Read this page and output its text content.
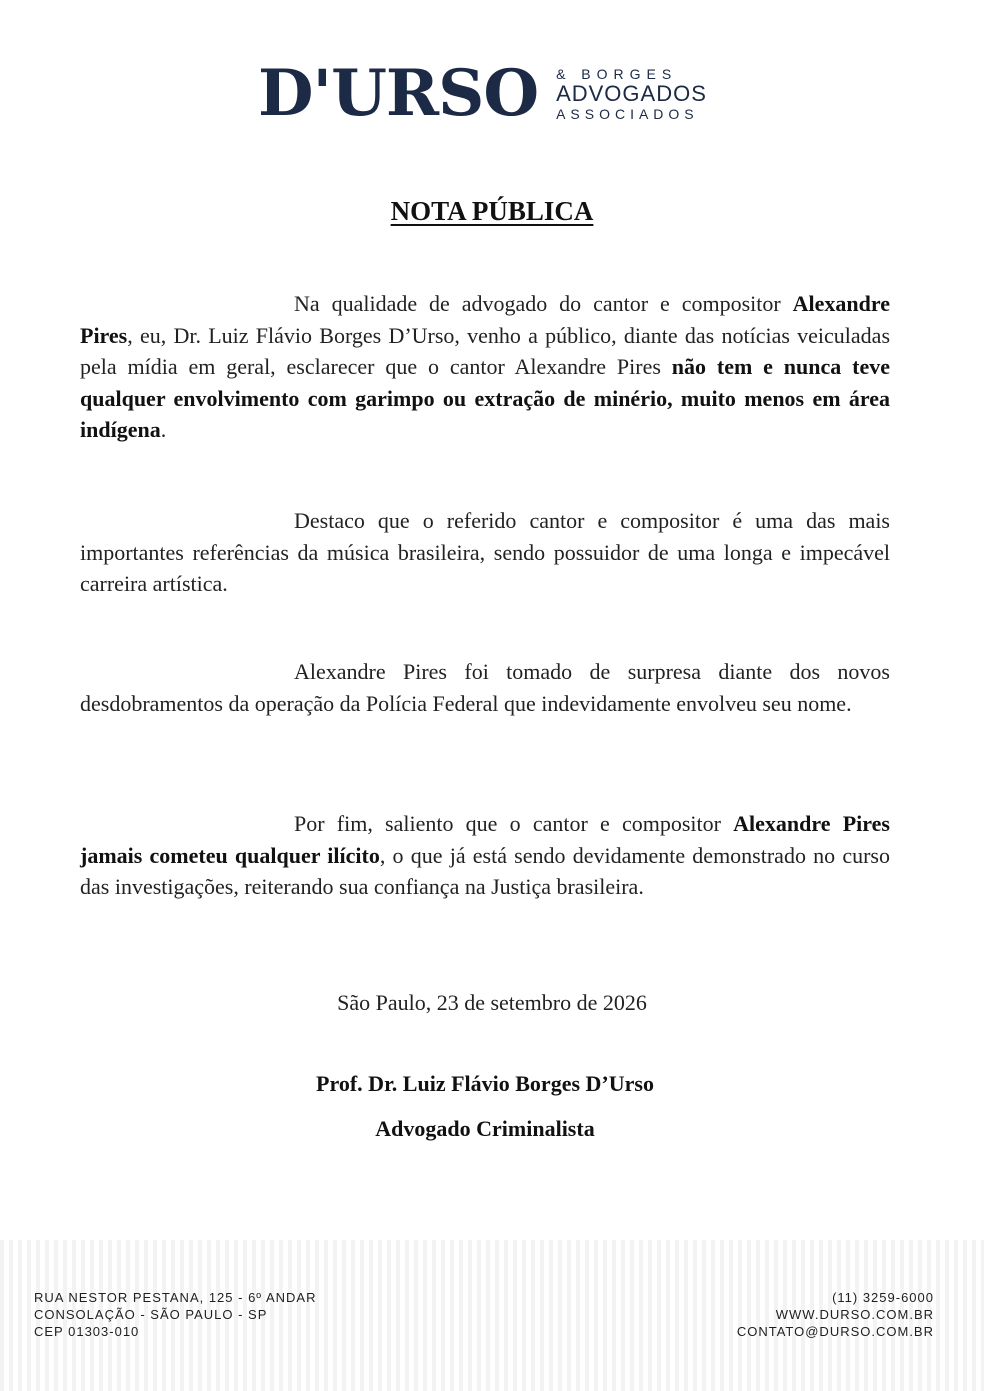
D'URSO & BORGES
ADVOGADOS
ASSOCIADOS
NOTA PÚBLICA
Na qualidade de advogado do cantor e compositor Alexandre Pires, eu, Dr. Luiz Flávio Borges D’Urso, venho a público, diante das notícias veiculadas pela mídia em geral, esclarecer que o cantor Alexandre Pires não tem e nunca teve qualquer envolvimento com garimpo ou extração de minério, muito menos em área indígena.
Destaco que o referido cantor e compositor é uma das mais importantes referências da música brasileira, sendo possuidor de uma longa e impecável carreira artística.
Alexandre Pires foi tomado de surpresa diante dos novos desdobramentos da operação da Polícia Federal que indevidamente envolveu seu nome.
Por fim, saliento que o cantor e compositor Alexandre Pires jamais cometeu qualquer ilícito, o que já está sendo devidamente demonstrado no curso das investigações, reiterando sua confiança na Justiça brasileira.
São Paulo, 23 de setembro de 2026
Prof. Dr. Luiz Flávio Borges D’Urso
Advogado Criminalista
RUA NESTOR PESTANA, 125 - 6º ANDAR
CONSOLAÇÃO - SÃO PAULO - SP
CEP 01303-010
(11) 3259-6000
WWW.DURSO.COM.BR
CONTATO@DURSO.COM.BR
